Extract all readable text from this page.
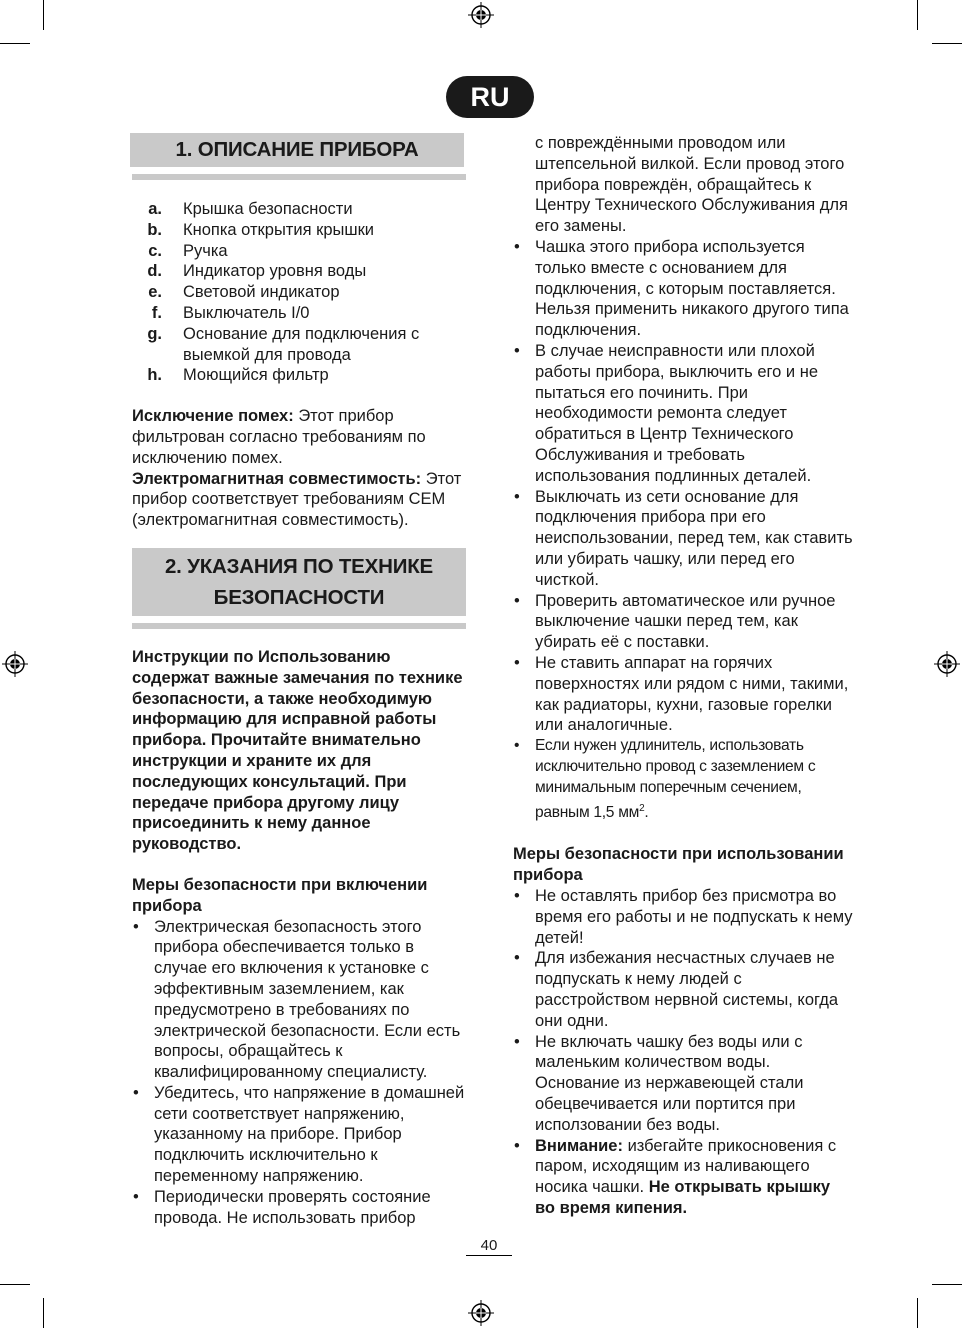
RU
1. ОПИСАНИЕ ПРИБОРА
a.	Крышка безопасности
b.	Кнопка открытия крышки
c.	Ручка
d.	Индикатор уровня воды
e.	Световой индикатор
f.	Выключатель I/0
g.	Основание для подключения с выемкой для провода
h.	Моющийся фильтр

Исключение помех: Этот прибор фильтрован согласно требованиям по исключению помех.

Электромагнитная совместимость: Этот прибор соответствует требованиям CEM (электромагнитная совместимость).

2. УКАЗАНИЯ ПО ТЕХНИКЕ
БЕЗОПАСНОСТИ

Инструкции по Использованию содержат важные замечания по технике безопасности, а также необходимую информацию для исправной работы прибора. Прочитайте внимательно инструкции и храните их для последующих консультаций. При передаче прибора другому лицу присоединить к нему данное руководство.

Меры безопасности при включении прибора

• Электрическая безопасность этого прибора обеспечивается только в случае его включения к установке с эффективным заземлением, как предусмотрено в требованиях по электрической безопасности. Если есть вопросы, обращайтесь к квалифицированному специалисту.
• Убедитесь, что напряжение в домашней сети соответствует напряжению, указанному на приборе. Прибор подключить исключительно к переменному напряжению.
• Периодически проверять состояние провода. Не использовать прибор
с повреждёнными проводом или штепсельной вилкой. Если провод этого прибора повреждён, обращайтесь к Центру Технического Обслуживания для его замены.
• Чашка этого прибора используется только вместе с основанием для подключения, с которым поставляется. Нельзя применить никакого другого типа подключения.
• В случае неисправности или плохой работы прибора, выключить его и не пытаться его починить. При необходимости ремонта следует обратиться в Центр Технического Обслуживания и требовать использования подлинных деталей.
• Выключать из сети основание для подключения прибора при его неиспользовании, перед тем, как ставить или убирать чашку, или перед его чисткой.
• Проверить автоматическое или ручное выключение чашки перед тем, как убирать её с поставки.
• Не ставить аппарат на горячих поверхностях или рядом с ними, такими, как радиаторы, кухни, газовые горелки или аналогичные.
• Если нужен удлинитель, использовать исключительно провод с заземлением с минимальным поперечным сечением, равным 1,5 $мм^2$.

Меры безопасности при использовании прибора

• Не оставлять прибор без присмотра во время его работы и не подпускать к нему детей!
• Для избежания несчастных случаев не подпускать к нему людей с расстройством нервной системы, когда они одни.
• Не включать чашку без воды или с маленьким количеством воды. Основание из нержавеющей стали обецвечивается или портится при исползовании без воды.
• Внимание: избегайте прикосновения с паром, исходящим из наливающего носика чашки. Не открывать крышку во время кипения.
40
